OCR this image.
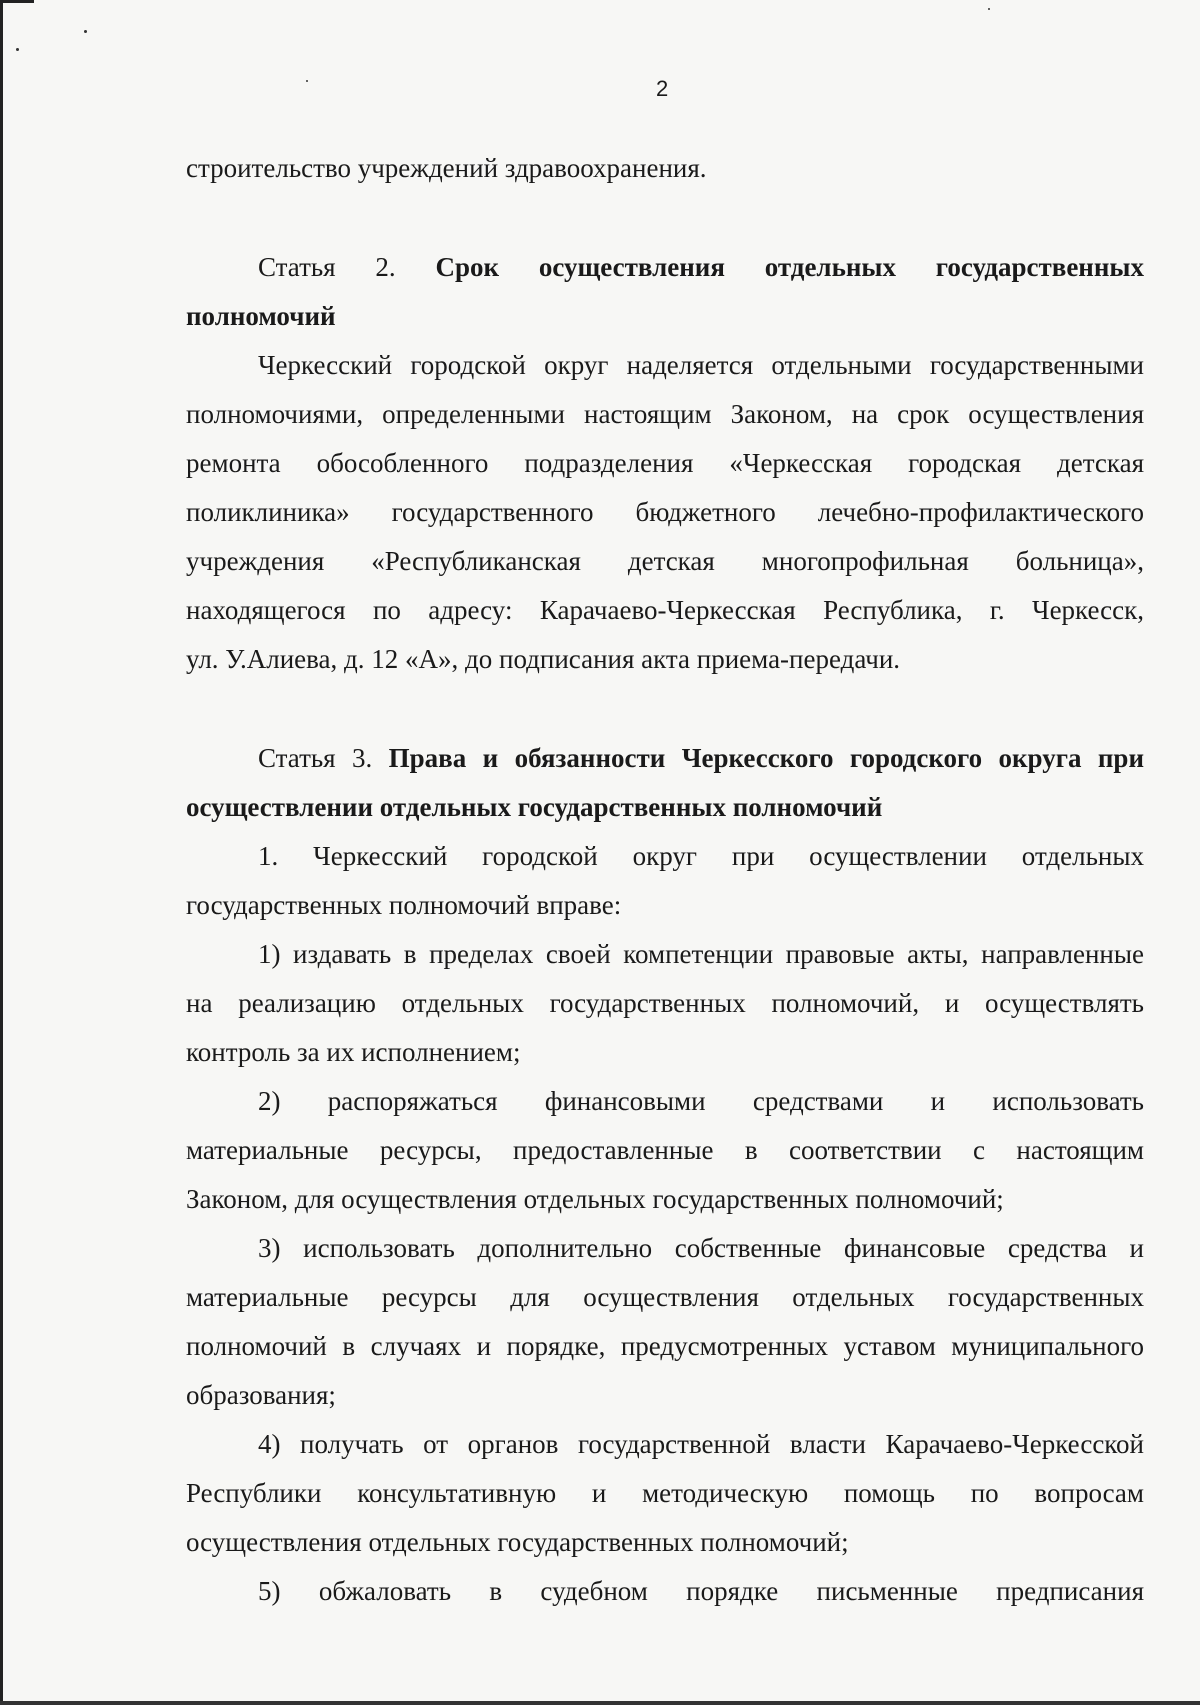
2
строительство учреждений здравоохранения.
Статья 2. Срок осуществления отдельных государственных
полномочий
Черкесский городской округ наделяется отдельными государственными
полномочиями, определенными настоящим Законом, на срок осуществления
ремонта обособленного подразделения «Черкесская городская детская
поликлиника» государственного бюджетного лечебно-профилактического
учреждения «Республиканская детская многопрофильная больница»,
находящегося по адресу: Карачаево-Черкесская Республика, г. Черкесск,
ул. У.Алиева, д. 12 «А», до подписания акта приема-передачи.
Статья 3. Права и обязанности Черкесского городского округа при
осуществлении отдельных государственных полномочий
1. Черкесский городской округ при осуществлении отдельных
государственных полномочий вправе:
1) издавать в пределах своей компетенции правовые акты, направленные
на реализацию отдельных государственных полномочий, и осуществлять
контроль за их исполнением;
2) распоряжаться финансовыми средствами и использовать
материальные ресурсы, предоставленные в соответствии с настоящим
Законом, для осуществления отдельных государственных полномочий;
3) использовать дополнительно собственные финансовые средства и
материальные ресурсы для осуществления отдельных государственных
полномочий в случаях и порядке, предусмотренных уставом муниципального
образования;
4) получать от органов государственной власти Карачаево-Черкесской
Республики консультативную и методическую помощь по вопросам
осуществления отдельных государственных полномочий;
5) обжаловать в судебном порядке письменные предписания
